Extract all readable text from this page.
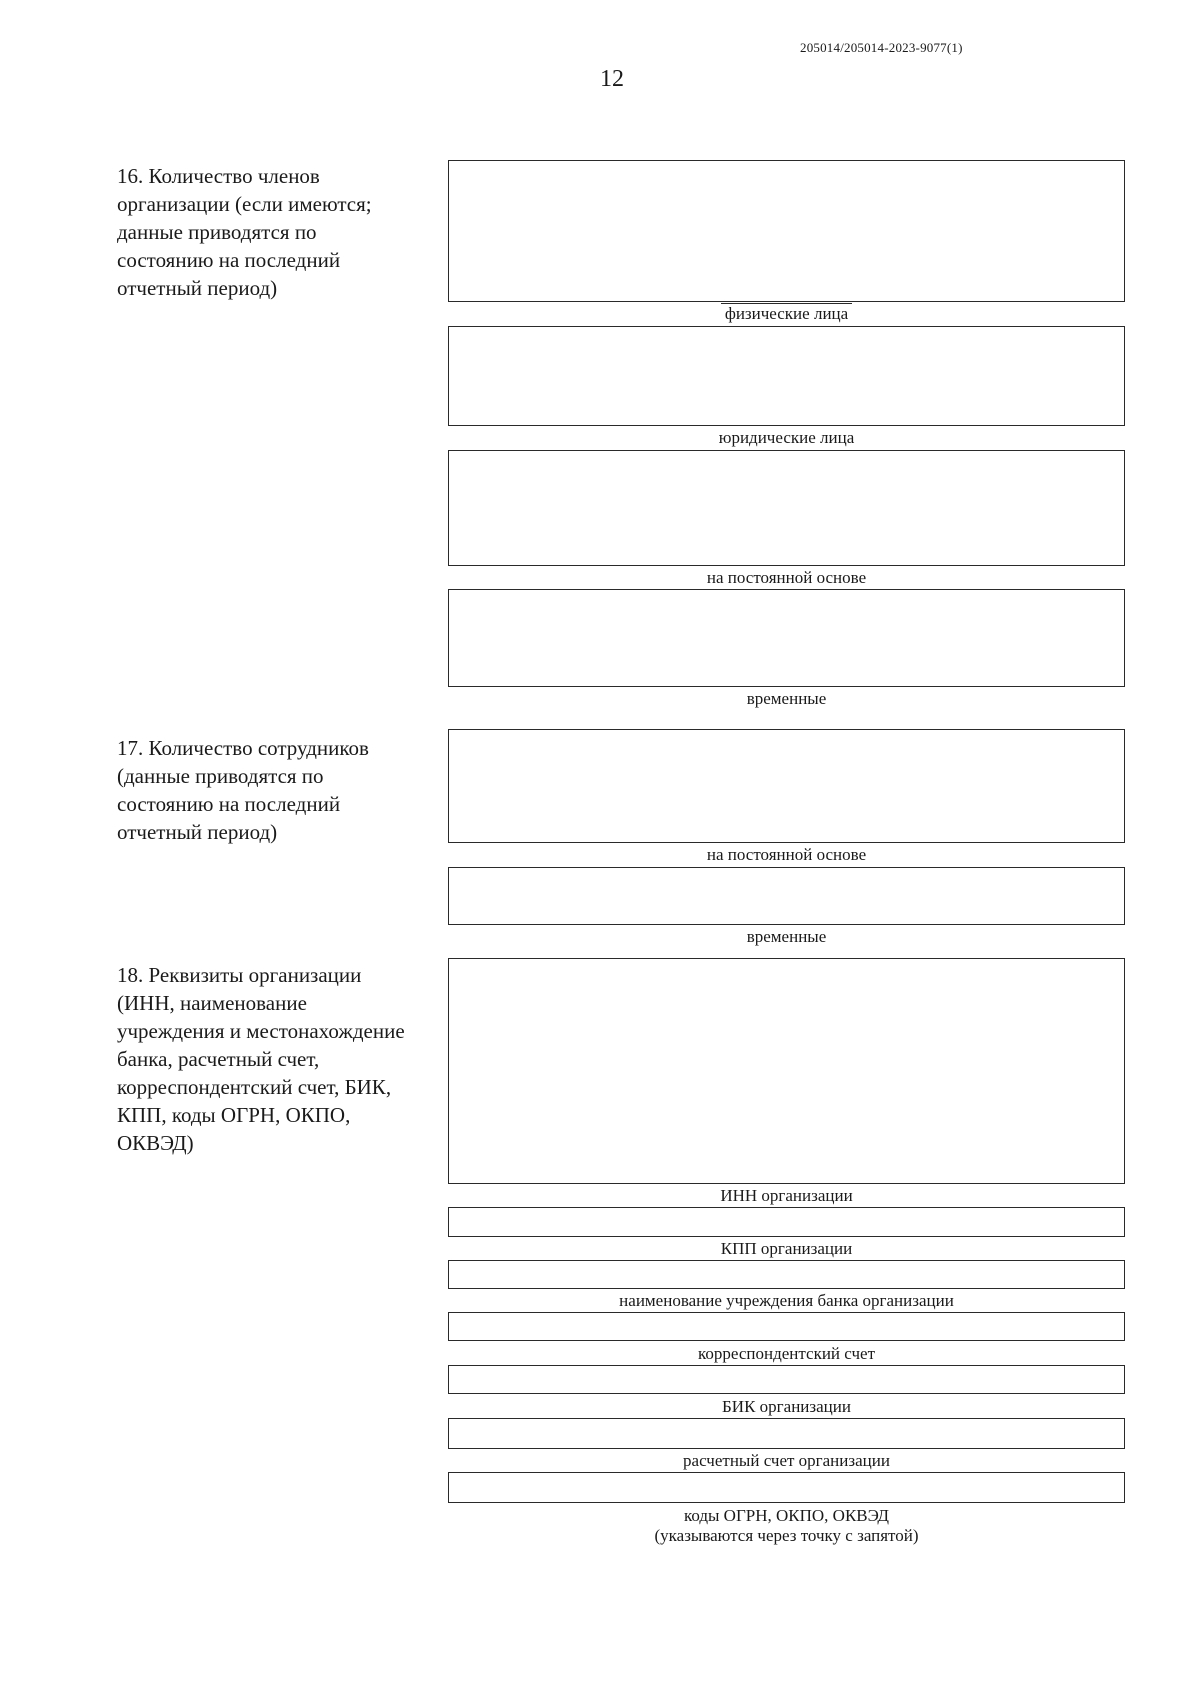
205014/205014-2023-9077(1)
12
16. Количество членов организации (если имеются; данные приводятся по состоянию на последний отчетный период)
физические лица
юридические лица
на постоянной основе
временные
17. Количество сотрудников (данные приводятся по состоянию на последний отчетный период)
на постоянной основе
временные
18. Реквизиты организации (ИНН, наименование учреждения и местонахождение банка, расчетный счет, корреспондентский счет, БИК, КПП, коды ОГРН, ОКПО, ОКВЭД)
ИНН организации
КПП организации
наименование учреждения банка организации
корреспондентский счет
БИК организации
расчетный счет организации
коды ОГРН, ОКПО, ОКВЭД
(указываются через точку с запятой)
